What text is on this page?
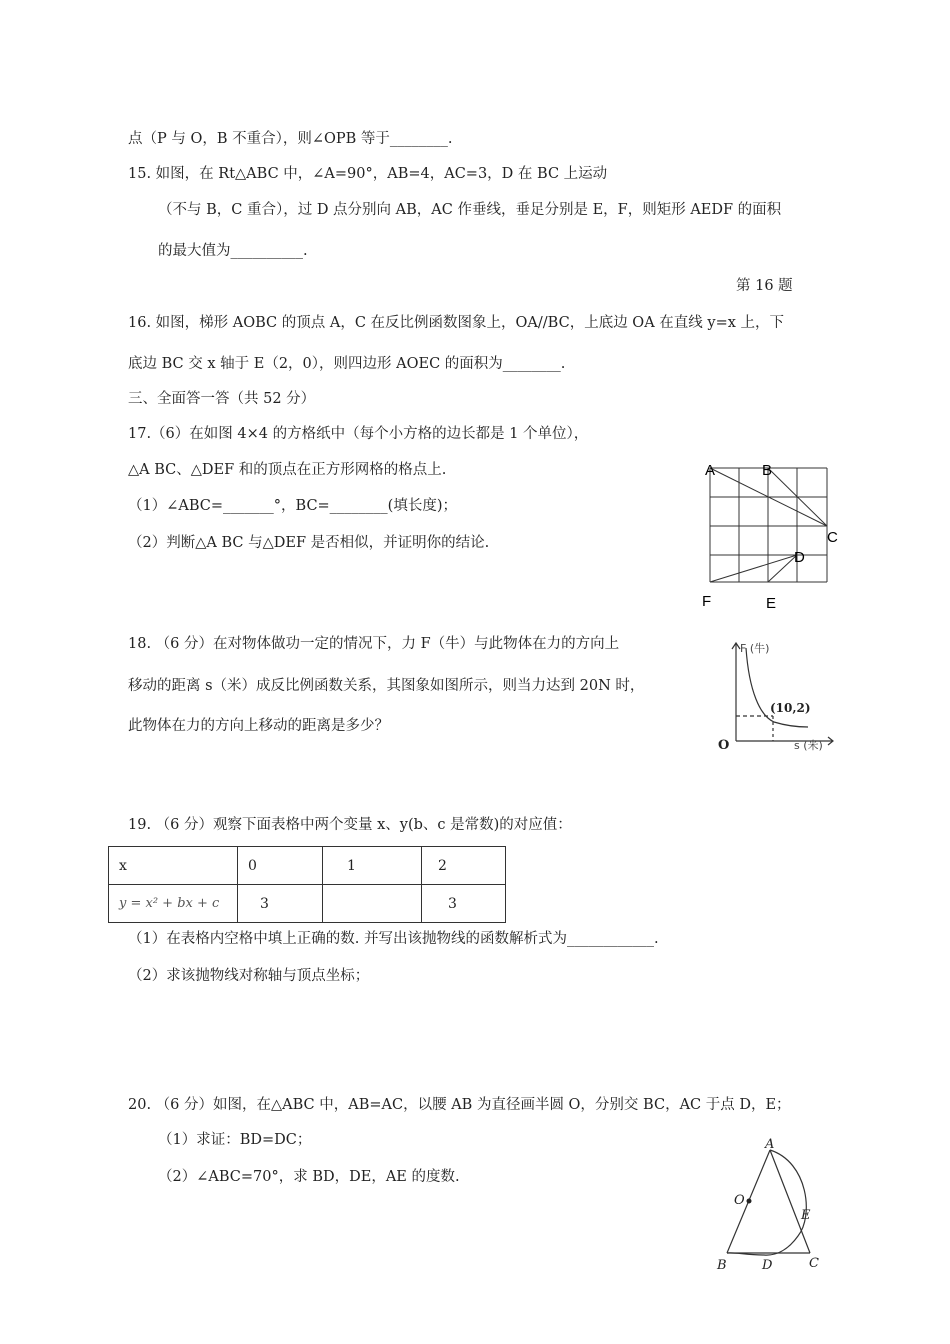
点（P 与 O，B 不重合），则∠OPB 等于________.
15. 如图，在 Rt△ABC 中，∠A=90°，AB=4，AC=3，D 在 BC 上运动
（不与 B，C 重合），过 D 点分别向 AB，AC 作垂线，垂足分别是 E，F，则矩形 AEDF 的面积
的最大值为__________.
第 16 题
16. 如图，梯形 AOBC 的顶点 A，C 在反比例函数图象上，OA//BC，上底边 OA 在直线 y=x 上，下
底边 BC 交 x 轴于 E（2，0），则四边形 AOEC 的面积为________.
三、全面答一答（共 52 分）
17.（6）在如图 4×4 的方格纸中（每个小方格的边长都是 1 个单位），
△A BC、△DEF 和的顶点在正方形网格的格点上.
（1）∠ABC=_______°，BC=________(填长度)；
（2）判断△A BC 与△DEF 是否相似，并证明你的结论.
A	B
C
D
F	E
18. （6 分）在对物体做功一定的情况下，力 F（牛）与此物体在力的方向上
移动的距离 s（米）成反比例函数关系，其图象如图所示，则当力达到 20N 时，
此物体在力的方向上移动的距离是多少？
F (牛)
(10,2)
O	s (米)
19. （6 分）观察下面表格中两个变量 x、y(b、c 是常数)的对应值：
x	0	1	2
y = x² + bx + c	3		3
（1）在表格内空格中填上正确的数. 并写出该抛物线的函数解析式为____________.
（2）求该抛物线对称轴与顶点坐标；
20. （6 分）如图，在△ABC 中，AB=AC，以腰 AB 为直径画半圆 O，分别交 BC，AC 于点 D，E；
（1）求证：BD=DC；
（2）∠ABC=70°，求 BD，DE，AE 的度数.
A
O
E
B	D	C
